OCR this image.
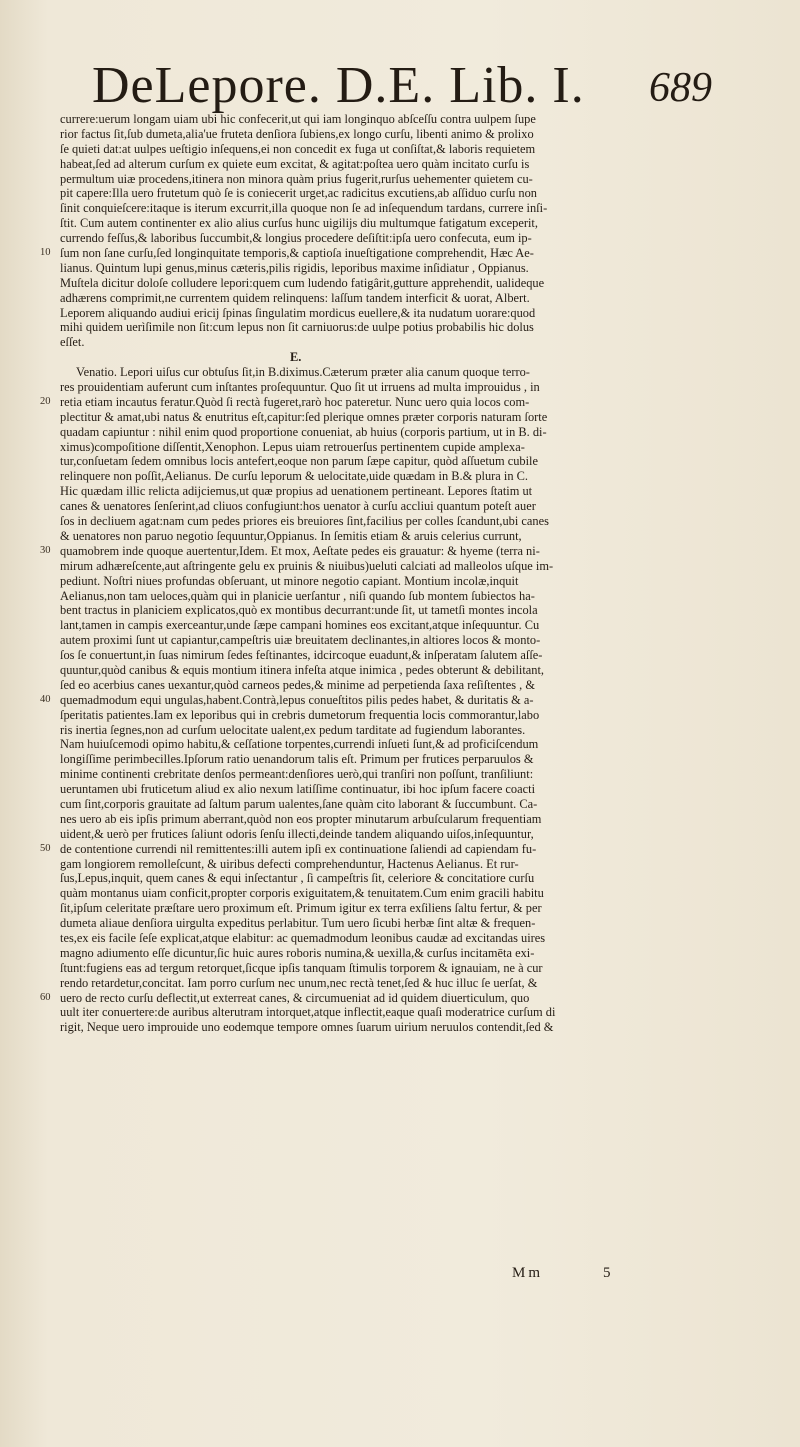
DeLepore. D.E. Lib. I. 689
currere:uerum longam uiam ubi hic confecerit,ut qui iam longinquo abſceſſu contra uulpem ſupe
rior factus ſit,ſub dumeta,alia'ue fruteta denſiora ſubiens,ex longo curſu, libenti animo & prolixo
ſe quieti dat:at uulpes ueſtigio inſequens,ei non concedit ex fuga ut conſiſtat,& laboris requietem
habeat,ſed ad alterum curſum ex quiete eum excitat, & agitat:poſtea uero quàm incitato curſu is
permultum uiæ procedens,itinera non minora quàm prius fugerit,rurſus uehementer quietem cu-
pit capere:Illa uero frutetum quò ſe is coniecerit urget,ac radicitus excutiens,ab aſſiduo curſu non
ſinit conquieſcere:itaque is iterum excurrit,illa quoque non ſe ad inſequendum tardans, currere inſi-
ſtit. Cum autem continenter ex alio alius curſus hunc uigilijs diu multumque fatigatum exceperit,
currendo feſſus,& laboribus ſuccumbit,& longius procedere deſiſtit:ipſa uero confecuta, eum ip-
10 ſum non ſane curſu,ſed longinquitate temporis,& captioſa inueſtigatione comprehendit, Hæc Ae-
lianus. Quintum lupi genus,minus cæteris,pilis rigidis, leporibus maxime inſidiatur , Oppianus.
Muſtela dicitur doloſe colludere lepori:quem cum ludendo fatigârit,gutture apprehendit, ualideque
adhærens comprimit,ne currentem quidem relinquens: laſſum tandem interficit & uorat, Albert.
Leporem aliquando audiui ericij ſpinas ſingulatim mordicus euellere,& ita nudatum uorare:quod
mihi quidem uerìſimile non ſit:cum lepus non ſit carniuorus:de uulpe potius probabilis hic dolus
eſſet.
E.
Venatio. Lepori uiſus cur obtuſus ſit,in B.diximus.Cæterum præter alia canum quoque terro-
res prouidentiam auferunt cum inſtantes proſequuntur. Quo ſit ut irruens ad multa improuidus , in
20 retia etiam incautus feratur.Quòd ſi rectà fugeret,rarò hoc pateretur. Nunc uero quia locos com-
plectitur & amat,ubi natus & enutritus eſt,capitur:ſed plerique omnes præter corporis naturam ſorte
quadam capiuntur : nihil enim quod proportione conueniat, ab huius (corporis partium, ut in B. di-
ximus)compoſitione diſſentit,Xenophon. Lepus uiam retrouerſus pertinentem cupide amplexa-
tur,conſuetam ſedem omnibus locis antefert,eoque non parum ſæpe capitur, quòd aſſuetum cubile
relinquere non poſſit,Aelianus. De curſu leporum & uelocitate,uide quædam in B.& plura in C.
Hic quædam illic relicta adijciemus,ut quæ propius ad uenationem pertineant. Lepores ſtatim ut
canes & uenatores ſenſerint,ad cliuos confugiunt:hos uenator à curſu accliui quantum poteſt auer
ſos in decliuem agat:nam cum pedes priores eis breuiores ſint,facilius per colles ſcandunt,ubi canes
& uenatores non paruo negotio ſequuntur,Oppianus. In ſemitis etiam & aruis celerius currunt,
30 quamobrem inde quoque auertentur,Idem. Et mox, Aeſtate pedes eis grauatur: & hyeme (terra ni-
mirum adhæreſcente,aut aſtringente gelu ex pruinis & niuibus)ueluti calciati ad malleolos uſque im-
pediunt. Noſtri niues profundas obſeruant, ut minore negotio capiant. Montium incolæ,inquit
Aelianus,non tam ueloces,quàm qui in planicie uerſantur , niſi quando ſub montem ſubiectos ha-
bent tractus in planiciem explicatos,quò ex montibus decurrant:unde ſit, ut tametſi montes incola
lant,tamen in campis exerceantur,unde ſæpe campani homines eos excitant,atque inſequuntur. Cu
autem proximi ſunt ut capiantur,campeſtris uiæ breuitatem declinantes,in altiores locos & monto-
ſos ſe conuertunt,in ſuas nimirum ſedes feſtinantes, idcircoque euadunt,& inſperatam ſalutem aſſe-
quuntur,quòd canibus & equis montium itinera infeſta atque inimica , pedes obterunt & debilitant,
ſed eo acerbius canes uexantur,quòd carneos pedes,& minime ad perpetienda ſaxa reſiſtentes , &
40 quemadmodum equi ungulas,habent.Contrà,lepus conueſtitos pilis pedes habet, & duritatis & a-
ſperitatis patientes.Iam ex leporibus qui in crebris dumetorum frequentia locis commorantur,labo
ris inertia ſegnes,non ad curſum uelocitate ualent,ex pedum tarditate ad fugiendum laborantes.
Nam huiuſcemodi opimo habitu,& ceſſatione torpentes,currendi inſueti ſunt,& ad proficiſcendum
longiſſime perimbecilles.Ipſorum ratio uenandorum talis eſt. Primum per frutices perparuulos &
minime continenti crebritate denſos permeant:denſiores uerò,qui tranſiri non poſſunt, tranſiliunt:
ueruntamen ubi fruticetum aliud ex alio nexum latiſſime continuatur, ibi hoc ipſum facere coacti
cum ſint,corporis grauitate ad ſaltum parum ualentes,ſane quàm cito laborant & ſuccumbunt. Ca-
nes uero ab eis ipſis primum aberrant,quòd non eos propter minutarum arbuſcularum frequentiam
uident,& uerò per frutices ſaliunt odoris ſenſu illecti,deinde tandem aliquando uiſos,inſequuntur,
50 de contentione currendi nil remittentes:illi autem ipſi ex continuatione ſaliendi ad capiendam fu-
gam longiorem remolleſcunt, & uiribus defecti comprehenduntur, Hactenus Aelianus. Et rur-
ſus,Lepus,inquit, quem canes & equi inſectantur , ſi campeſtris ſit, celeriore & concitatiore curſu
quàm montanus uiam conficit,propter corporis exiguitatem,& tenuitatem.Cum enim gracili habitu
ſit,ipſum celeritate præſtare uero proximum eſt. Primum igitur ex terra exſiliens ſaltu fertur, & per
dumeta aliaue denſiora uirgulta expeditus perlabitur. Tum uero ſicubi herbæ ſint altæ & frequen-
tes,ex eis facile ſeſe explicat,atque elabitur: ac quemadmodum leonibus caudæ ad excitandas uires
magno adiumento eſſe dicuntur,ſic huic aures roboris numina,& uexilla,& curſus incitamēta exi-
ſtunt:fugiens eas ad tergum retorquet,ſicque ipſis tanquam ſtimulis torporem & ignauiam, ne à cur
rendo retardetur,concitat. Iam porro curſum nec unum,nec rectà tenet,ſed & huc illuc ſe uerſat, &
60 uero de recto curſu deflectit,ut exterreat canes, & circumueniat ad id quidem diuerticulum, quo
uult iter conuertere:de auribus alterutram intorquet,atque inflectit,eaque quaſi moderatrice curſum di
rigit, Neque uero improuide uno eodemque tempore omnes ſuarum uirium neruulos contendit,ſed &
Mm	5
